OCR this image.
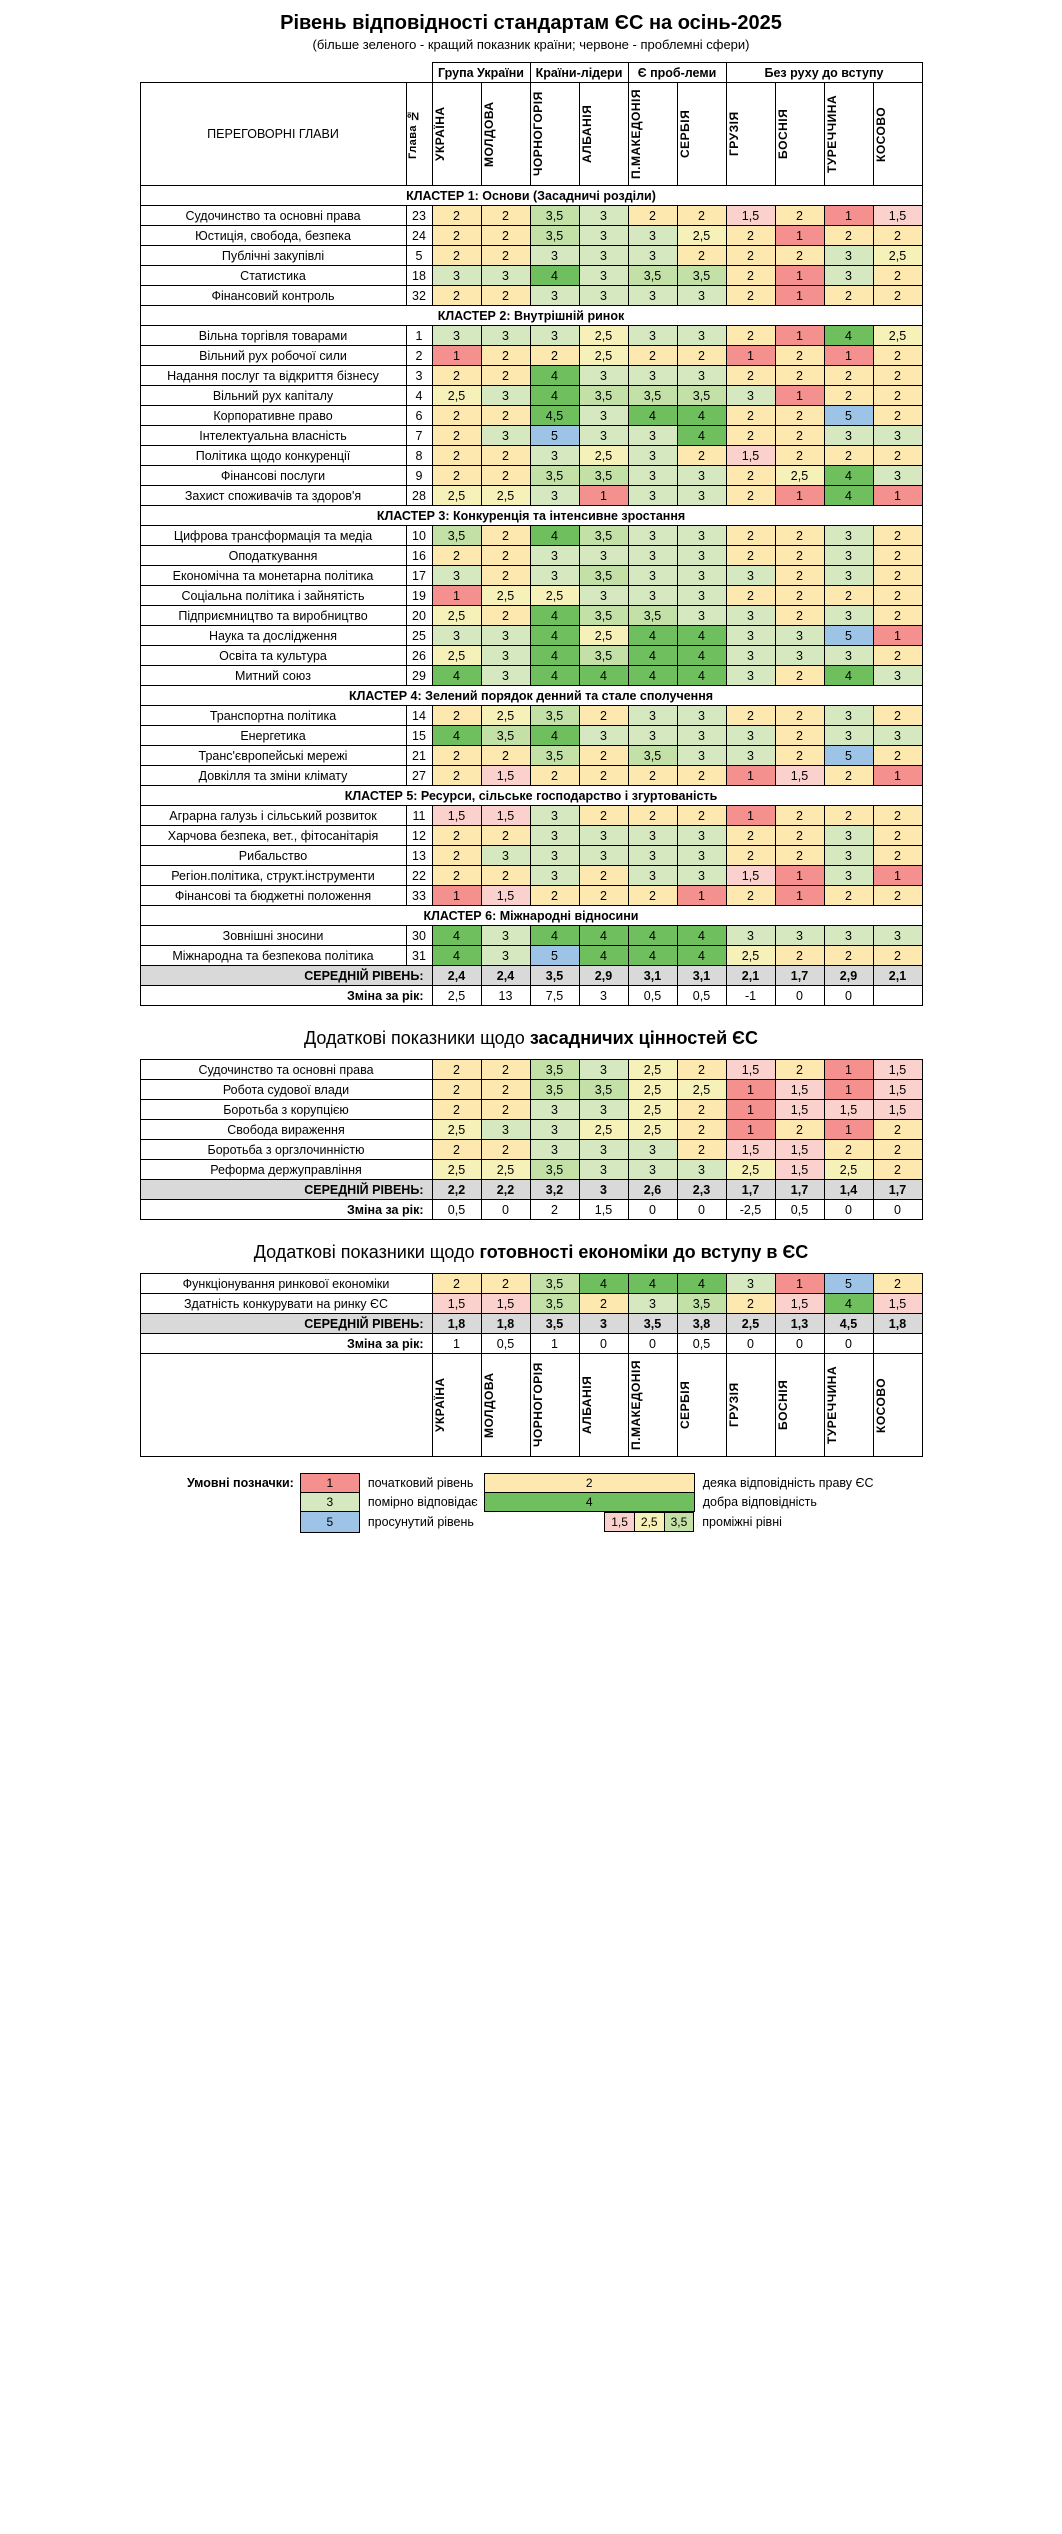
Рівень відповідності стандартам ЄС на осінь-2025
(більше зеленого - кращий показник країни; червоне - проблемні сфери)
		Група України		Країни-лідери		Є проб-леми		Без руху до вступу			
ПЕРЕГОВОРНІ ГЛАВИ	Глава №	УКРАЇНА	МОЛДОВА	ЧОРНОГОРІЯ	АЛБАНІЯ	П.МАКЕДОНІЯ	СЕРБІЯ	ГРУЗІЯ	БОСНІЯ	ТУРЕЧЧИНА	КОСОВО

КЛАСТЕР 1: Основи (Засадничі розділи)											
Судочинство та основні права	23	2	2	3,5	3	2	2	1,5	2	1	1,5
Юстиція, свобода, безпека	24	2	2	3,5	3	3	2,5	2	1	2	2
Публічні закупівлі	5	2	2	3	3	3	2	2	2	3	2,5
Статистика	18	3	3	4	3	3,5	3,5	2	1	3	2
Фінансовий контроль	32	2	2	3	3	3	3	2	1	2	2
КЛАСТЕР 2: Внутрішній ринок											
Вільна торгівля товарами	1	3	3	3	2,5	3	3	2	1	4	2,5
Вільний рух робочої сили	2	1	2	2	2,5	2	2	1	2	1	2
Надання послуг та відкриття бізнесу	3	2	2	4	3	3	3	2	2	2	2
Вільний рух капіталу	4	2,5	3	4	3,5	3,5	3,5	3	1	2	2
Корпоративне право	6	2	2	4,5	3	4	4	2	2	5	2
Інтелектуальна власність	7	2	3	5	3	3	4	2	2	3	3
Політика щодо конкуренції	8	2	2	3	2,5	3	2	1,5	2	2	2
Фінансові послуги	9	2	2	3,5	3,5	3	3	2	2,5	4	3
Захист споживачів та здоров'я	28	2,5	2,5	3	1	3	3	2	1	4	1
КЛАСТЕР 3: Конкуренція та інтенсивне зростання											
Цифрова трансформація та медіа	10	3,5	2	4	3,5	3	3	2	2	3	2
Оподаткування	16	2	2	3	3	3	3	2	2	3	2
Економічна та монетарна політика	17	3	2	3	3,5	3	3	3	2	3	2
Соціальна політика і зайнятість	19	1	2,5	2,5	3	3	3	2	2	2	2
Підприємництво та виробництво	20	2,5	2	4	3,5	3,5	3	3	2	3	2
Наука та дослідження	25	3	3	4	2,5	4	4	3	3	5	1
Освіта та культура	26	2,5	3	4	3,5	4	4	3	3	3	2
Митний союз	29	4	3	4	4	4	4	3	2	4	3
КЛАСТЕР 4: Зелений порядок денний та стале сполучення											
Транспортна політика	14	2	2,5	3,5	2	3	3	2	2	3	2
Енергетика	15	4	3,5	4	3	3	3	3	2	3	3
Транс'європейські мережі	21	2	2	3,5	2	3,5	3	3	2	5	2
Довкілля та зміни клімату	27	2	1,5	2	2	2	2	1	1,5	2	1
КЛАСТЕР 5: Ресурси, сільське господарство і згуртованість											
Аграрна галузь і сільський розвиток	11	1,5	1,5	3	2	2	2	1	2	2	2
Харчова безпека, вет., фітосанітарія	12	2	2	3	3	3	3	2	2	3	2
Рибальство	13	2	3	3	3	3	3	2	2	3	2
Регіон.політика, структ.інструменти	22	2	2	3	2	3	3	1,5	1	3	1
Фінансові та бюджетні положення	33	1	1,5	2	2	2	1	2	1	2	2
КЛАСТЕР 6: Міжнародні відносини											
Зовнішні зносини	30	4	3	4	4	4	4	3	3	3	3
Міжнародна та безпекова політика	31	4	3	5	4	4	4	2,5	2	2	2
СЕРЕДНІЙ РІВЕНЬ:		2,4	2,4	3,5	2,9	3,1	3,1	2,1	1,7	2,9	2,1
Зміна за рік:		2,5	13	7,5	3	0,5	0,5	-1	0	0	
Додаткові показники щодо засадничих цінностей ЄС
Судочинство та основні права	2	2	3,5	3	2,5	2	1,5	2	1	1,5
Робота судової влади	2	2	3,5	3,5	2,5	2,5	1	1,5	1	1,5
Боротьба з корупцією	2	2	3	3	2,5	2	1	1,5	1,5	1,5
Свобода вираження	2,5	3	3	2,5	2,5	2	1	2	1	2
Боротьба з оргзлочинністю	2	2	3	3	3	2	1,5	1,5	2	2
Реформа держуправління	2,5	2,5	3,5	3	3	3	2,5	1,5	2,5	2
СЕРЕДНІЙ РІВЕНЬ:	2,2	2,2	3,2	3	2,6	2,3	1,7	1,7	1,4	1,7
Зміна за рік:	0,5	0	2	1,5	0	0	-2,5	0,5	0	0
Додаткові показники щодо готовності економіки до вступу в ЄС
Функціонування ринкової економіки	2	2	3,5	4	4	4	3	1	5	2
Здатність конкурувати на ринку ЄС	1,5	1,5	3,5	2	3	3,5	2	1,5	4	1,5
СЕРЕДНІЙ РІВЕНЬ:	1,8	1,8	3,5	3	3,5	3,8	2,5	1,3	4,5	1,8
Зміна за рік:	1	0,5	1	0	0	0,5	0	0	0	

	УКРАЇНА	МОЛДОВА	ЧОРНОГОРІЯ	АЛБАНІЯ	П.МАКЕДОНІЯ	СЕРБІЯ	ГРУЗІЯ	БОСНІЯ	ТУРЕЧЧИНА	КОСОВО
Умовні позначки:	1	початковий рівень	2	деяка відповідність праву ЄС
	3	помірно відповідає	4	добра відповідність
	5	просунутий рівень		1,5	2,5	3,5
	проміжні рівні
